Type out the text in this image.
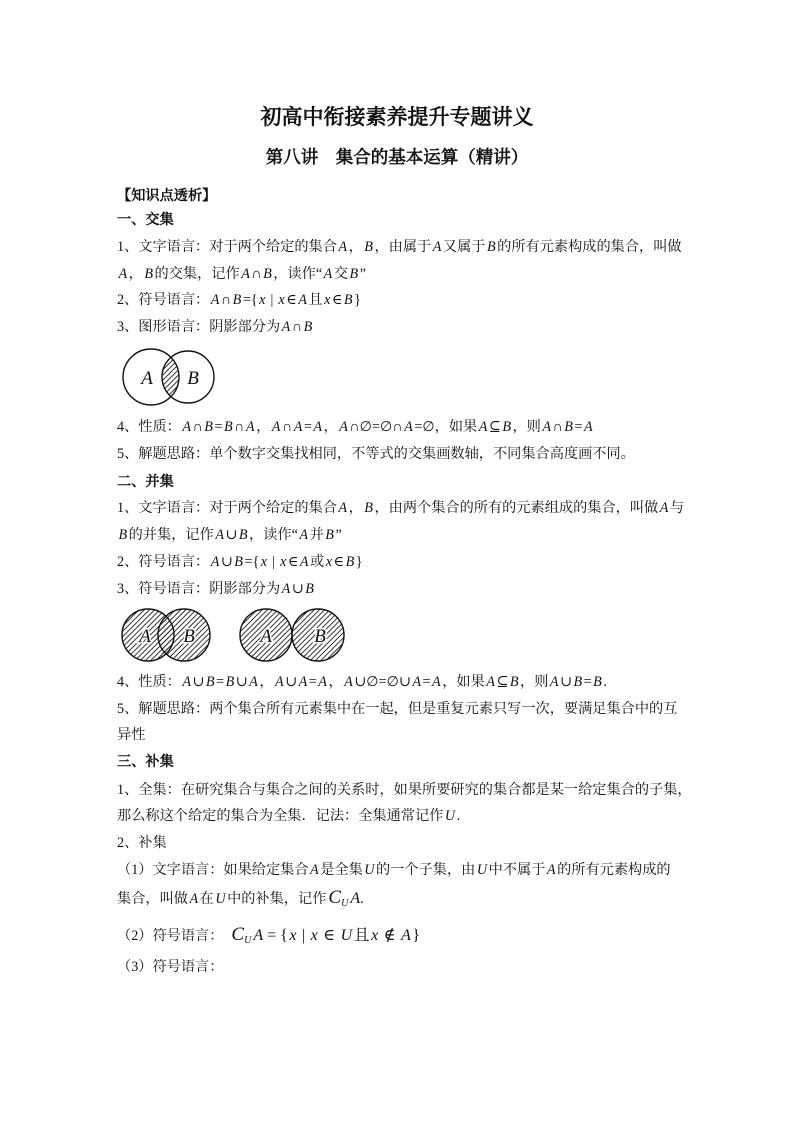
初高中衔接素养提升专题讲义
第八讲　集合的基本运算（精讲）
【知识点透析】
一、交集
1、文字语言：对于两个给定的集合 A ， B ，由属于 A 又属于 B 的所有元素构成的集合，叫做
A ， B 的交集，记作 A ∩ B ，读作“ A 交 B ”
2、符号语言： A ∩ B ={ x | x ∈ A 且 x ∈ B }
3、图形语言：阴影部分为 A ∩ B
A B
4、性质： A ∩ B = B ∩ A ， A ∩ A = A ， A ∩∅=∅∩ A =∅，如果 A ⊆ B ，则 A ∩ B = A
5、解题思路：单个数字交集找相同，不等式的交集画数轴，不同集合高度画不同。
二、并集
1、文字语言：对于两个给定的集合 A ， B ，由两个集合的所有的元素组成的集合，叫做 A 与
B 的并集，记作 A ∪ B ，读作“ A 并 B ”
2、符号语言： A ∪ B ={ x | x ∈ A 或 x ∈ B }
3、符号语言：阴影部分为 A ∪ B
A B	A B
4、性质： A ∪ B = B ∪ A ， A ∪ A = A ， A ∪∅=∅∪ A = A ，如果 A ⊆ B ，则 A ∪ B = B .
5、解题思路：两个集合所有元素集中在一起，但是重复元素只写一次，要满足集合中的互
异性
三、补集
1、全集：在研究集合与集合之间的关系时，如果所要研究的集合都是某一给定集合的子集，
那么称这个给定的集合为全集．记法：全集通常记作 U .
2、补集
（1）文字语言：如果给定集合 A 是全集 U 的一个子集，由 U 中不属于 A 的所有元素构成的
集合，叫做 A 在 U 中的补集，记作 $C_U$ A.
（2）符号语言： $C_U$ A = {x | x ∈ U且x ∉ A}
（3）符号语言：
